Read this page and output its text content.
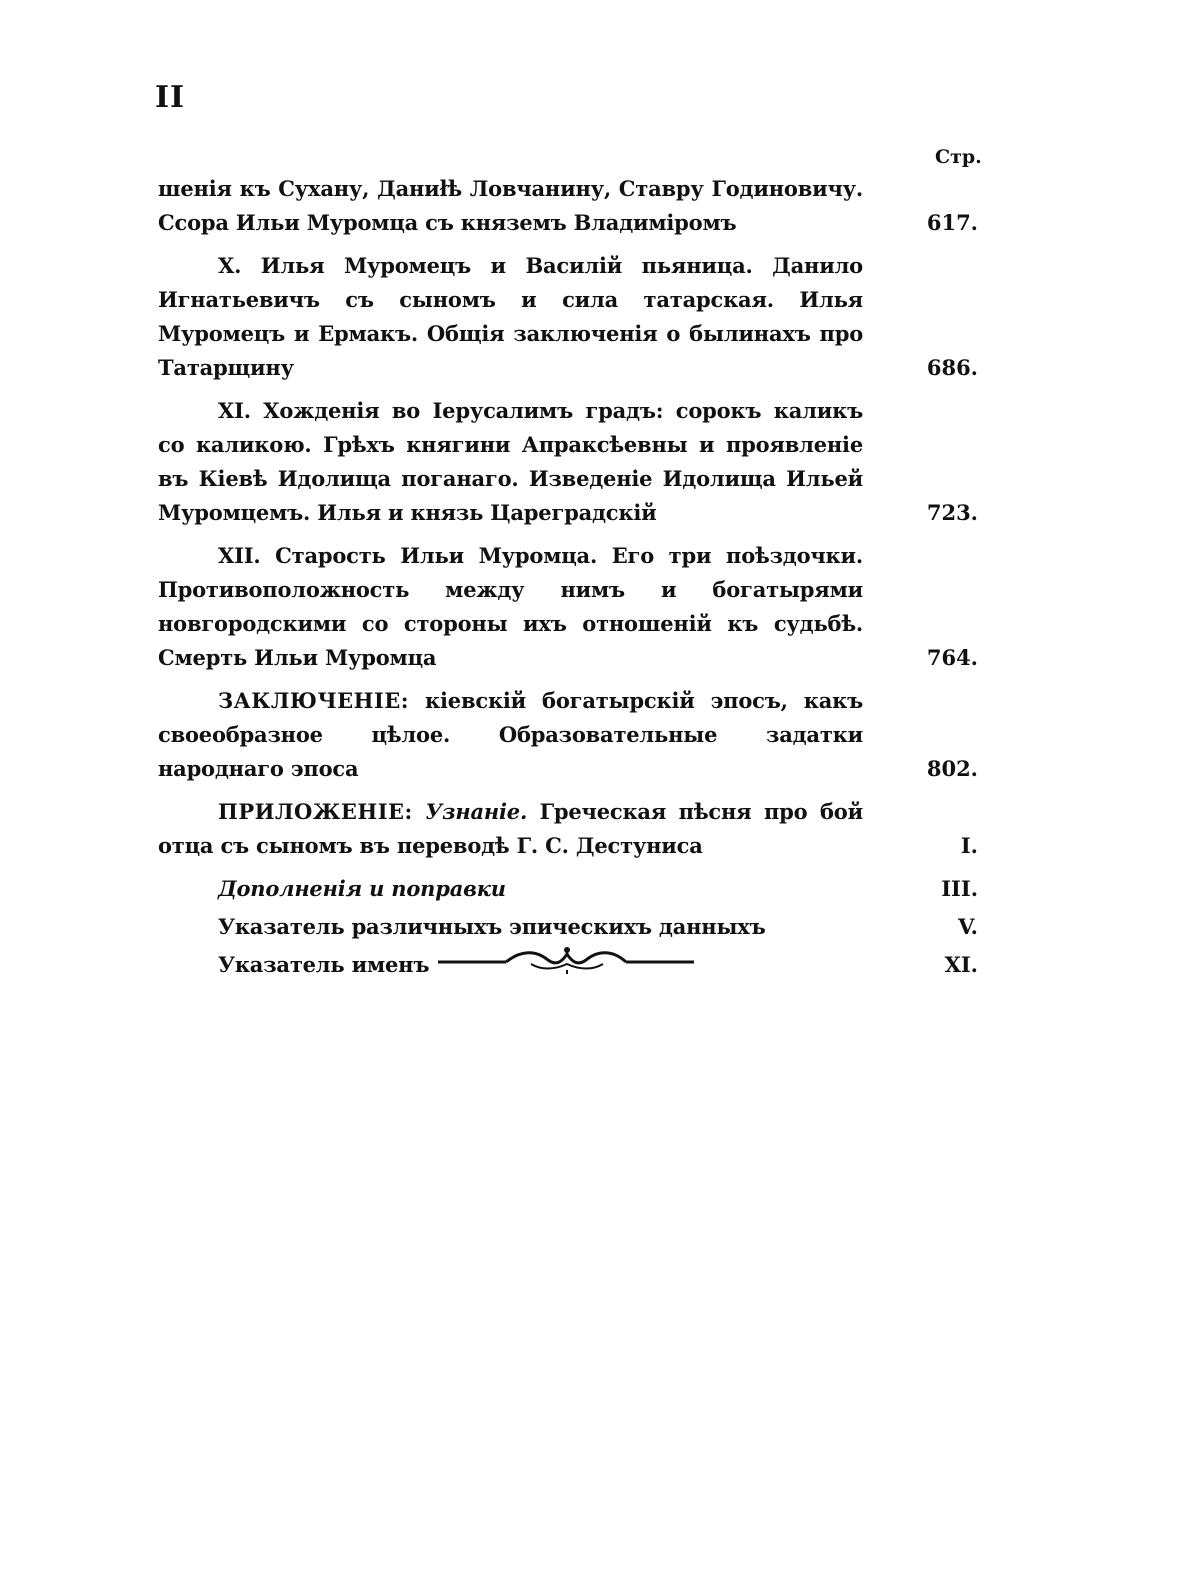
II
Стр.
шенія къ Сухану, Даниłѣ Ловчанину, Ставру Годиновичу. Ссора Ильи Муромца съ княземъ Владиміромъ	617.
X. Илья Муромецъ и Василій пьяница. Данило Игнатьевичъ съ сыномъ и сила татарская. Илья Муромецъ и Ермакъ. Общія заключенія о былинахъ про Татарщину	686.
XI. Хожденія во Іерусалимъ градъ: сорокъ каликъ со каликою. Грѣхъ княгини Апраксѣевны и проявленіе въ Кіевѣ Идолища поганаго. Изведеніе Идолища Ильей Муромцемъ. Илья и князь Цареградскій	723.
XII. Старость Ильи Муромца. Его три поѣздочки. Противоположность между нимъ и богатырями новгородскими со стороны ихъ отношеній къ судьбѣ. Смерть Ильи Муромца	764.
ЗАКЛЮЧЕНІЕ: кіевскій богатырскій эпосъ, какъ своеобразное цѣлое. Образовательные задатки народнаго эпоса	802.
ПРИЛОЖЕНІЕ: Узнаніе. Греческая пѣсня про бой отца съ сыномъ въ переводѣ Г. С. Дестуниса	I.
Дополненія и поправки	III.
Указатель различныхъ эпическихъ данныхъ	V.
Указатель именъ	XI.
